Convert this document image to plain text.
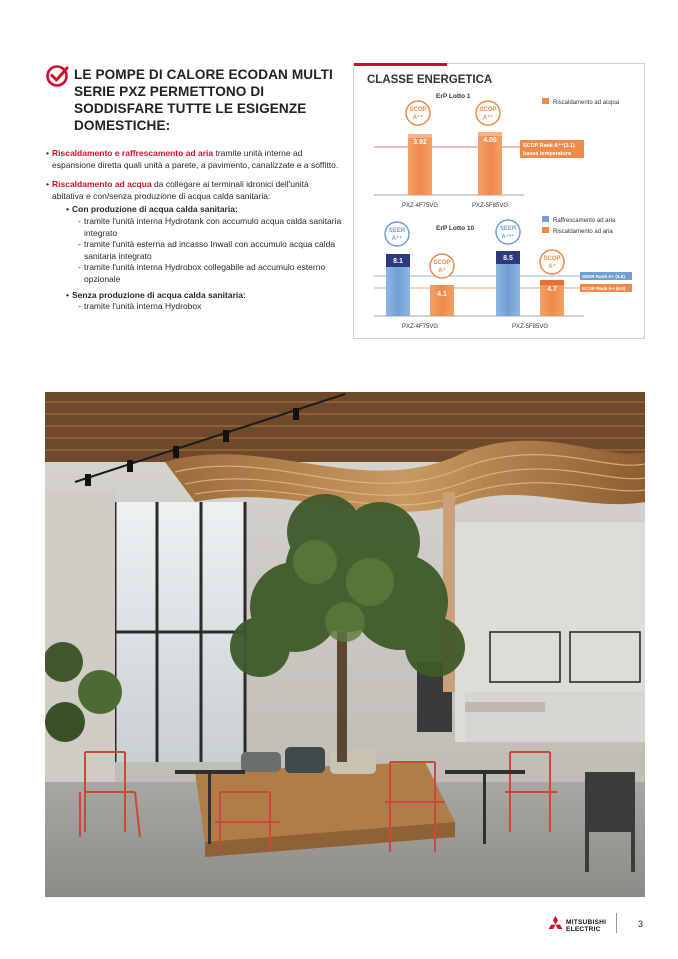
LE POMPE DI CALORE ECODAN MULTI SERIE PXZ PERMETTONO DI SODDISFARE TUTTE LE ESIGENZE DOMESTICHE:
• Riscaldamento e raffrescamento ad aria tramite unità interne ad espansione diretta quali unità a parete, a pavimento, canalizzate e a soffitto.
• Riscaldamento ad acqua da collegare ai terminali idronici dell'unità abitativa e con/senza produzione di acqua calda sanitaria:
• Con produzione di acqua calda sanitaria:
- tramite l'unità interna Hydrotank con accumulo acqua calda sanitaria integrato
- tramite l'unità esterna ad incasso Inwall con accumulo acqua calda sanitaria integrato
- tramite l'unità interna Hydrobox collegabile ad accumulo esterno opzionale
• Senza produzione di acqua calda sanitaria:
- tramite l'unità interna Hydrobox
CLASSE ENERGETICA
ErP Lotto 1
Riscaldamento ad acqua
3.92	4.00
SCOP
A⁺⁺
SCOP
A⁺⁺
SCOP Rank A⁺⁺(3.1)
bassa temperatura
PXZ-4F75VG	PXZ-5F85VG
ErP Lotto 10
Raffrescamento ad aria
Riscaldamento ad aria
8.1
4.1
8.5
4.7
SEER
A⁺⁺
SCOP
A⁺
SEER
A⁺⁺⁺
SCOP
A⁺
SEER Rank A+ (3.6)
SCOP Rank A+ (6.0)
PXZ-4F75VG	PXZ-5F85VG
MITSUBISHI
ELECTRIC
3
